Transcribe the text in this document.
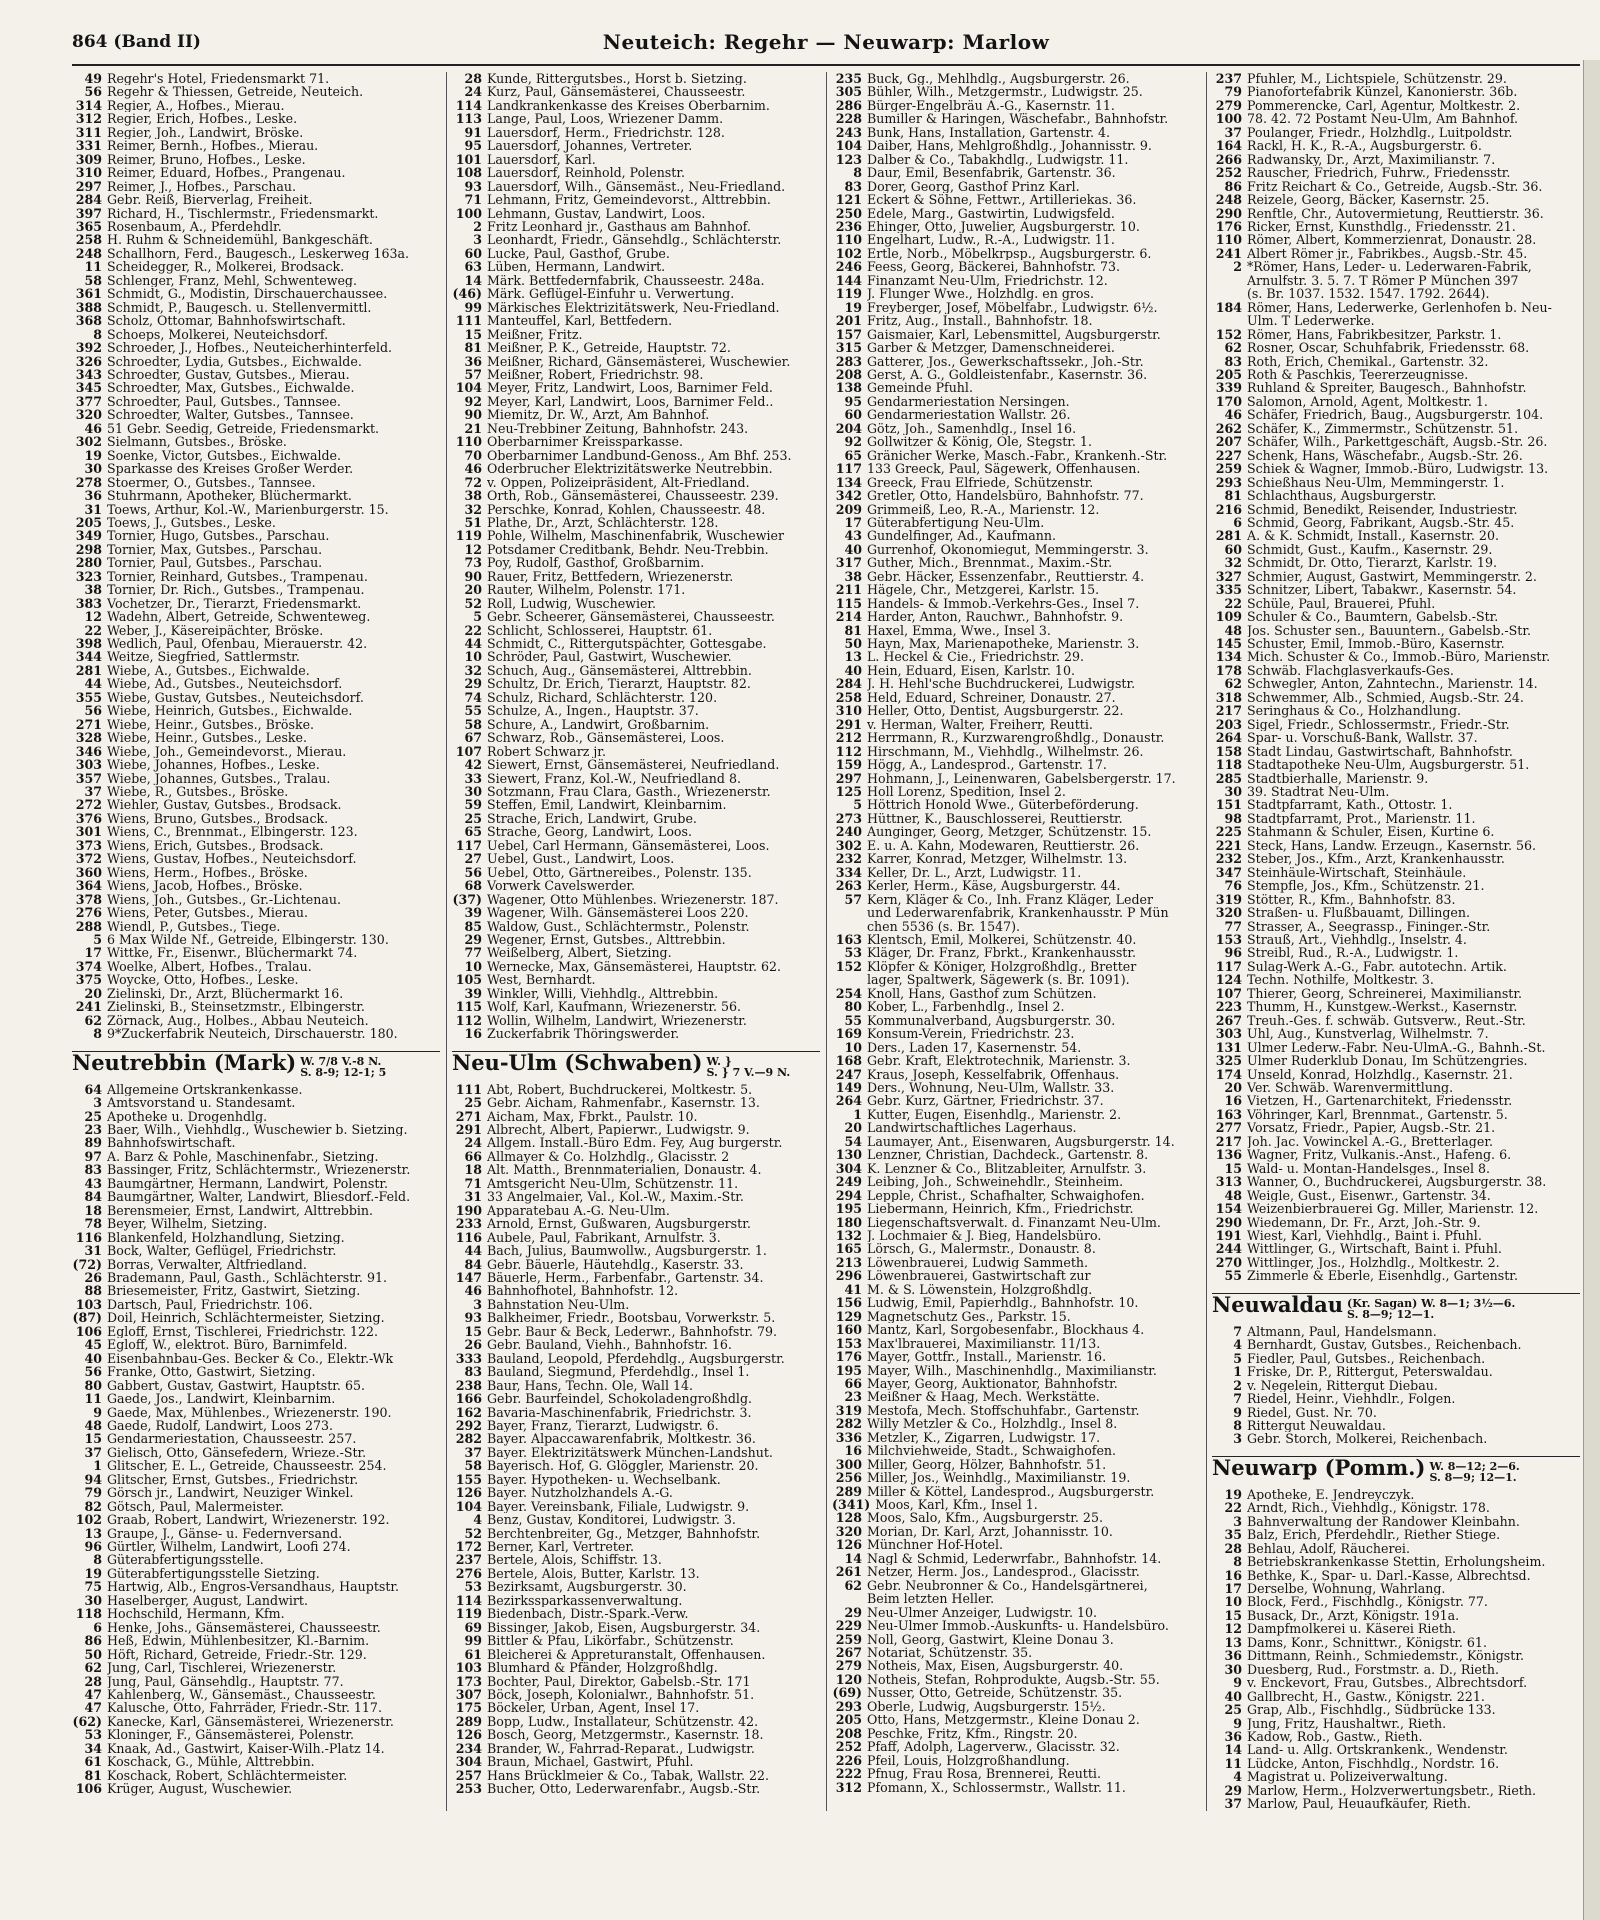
864 (Band II)	Neuteich: Regehr — Neuwarp: Marlow
49 Regehr's Hotel, Friedensmarkt 71.
56 Regehr & Thiessen, Getreide, Neuteich.
314 Regier, A., Hofbes., Mierau.
312 Regier, Erich, Hofbes., Leske.
311 Regier, Joh., Landwirt, Bröske.
331 Reimer, Bernh., Hofbes., Mierau.
309 Reimer, Bruno, Hofbes., Leske.
310 Reimer, Eduard, Hofbes., Prangenau.
297 Reimer, J., Hofbes., Parschau.
284 Gebr. Reiß, Bierverlag, Freiheit.
397 Richard, H., Tischlermstr., Friedensmarkt.
365 Rosenbaum, A., Pferdehdlr.
258 H. Ruhm & Schneidemühl, Bankgeschäft.
248 Schallhorn, Ferd., Baugesch., Leskerweg 163a.
11 Scheidegger, R., Molkerei, Brodsack.
58 Schlenger, Franz, Mehl, Schwenteweg.
361 Schmidt, G., Modistin, Dirschauerchaussee.
388 Schmidt, P., Baugesch. u. Stellenvermittl.
368 Scholz, Ottomar, Bahnhofswirtschaft.
8 Schoeps, Molkerei, Neuteichsdorf.
392 Schroeder, J., Hofbes., Neuteicherhinterfeld.
326 Schroedter, Lydia, Gutsbes., Eichwalde.
343 Schroedter, Gustav, Gutsbes., Mierau.
345 Schroedter, Max, Gutsbes., Eichwalde.
377 Schroedter, Paul, Gutsbes., Tannsee.
320 Schroedter, Walter, Gutsbes., Tannsee.
46 51 Gebr. Seedig, Getreide, Friedensmarkt.
302 Sielmann, Gutsbes., Bröske.
19 Soenke, Victor, Gutsbes., Eichwalde.
30 Sparkasse des Kreises Großer Werder.
278 Stoermer, O., Gutsbes., Tannsee.
36 Stuhrmann, Apotheker, Blüchermarkt.
31 Toews, Arthur, Kol.-W., Marienburgerstr. 15.
205 Toews, J., Gutsbes., Leske.
349 Tornier, Hugo, Gutsbes., Parschau.
298 Tornier, Max, Gutsbes., Parschau.
280 Tornier, Paul, Gutsbes., Parschau.
323 Tornier, Reinhard, Gutsbes., Trampenau.
38 Tornier, Dr. Rich., Gutsbes., Trampenau.
383 Vochetzer, Dr., Tierarzt, Friedensmarkt.
12 Wadehn, Albert, Getreide, Schwenteweg.
22 Weber, J., Käsereipächter, Bröske.
398 Wedlich, Paul, Ofenbau, Mierauerstr. 42.
344 Weitze, Siegfried, Sattlermstr.
281 Wiebe, A., Gutsbes., Eichwalde.
44 Wiebe, Ad., Gutsbes., Neuteichsdorf.
355 Wiebe, Gustav, Gutsbes., Neuteichsdorf.
56 Wiebe, Heinrich, Gutsbes., Eichwalde.
271 Wiebe, Heinr., Gutsbes., Bröske.
328 Wiebe, Heinr., Gutsbes., Leske.
346 Wiebe, Joh., Gemeindevorst., Mierau.
303 Wiebe, Johannes, Hofbes., Leske.
357 Wiebe, Johannes, Gutsbes., Tralau.
37 Wiebe, R., Gutsbes., Bröske.
272 Wiehler, Gustav, Gutsbes., Brodsack.
376 Wiens, Bruno, Gutsbes., Brodsack.
301 Wiens, C., Brennmat., Elbingerstr. 123.
373 Wiens, Erich, Gutsbes., Brodsack.
372 Wiens, Gustav, Hofbes., Neuteichsdorf.
360 Wiens, Herm., Hofbes., Bröske.
364 Wiens, Jacob, Hofbes., Bröske.
378 Wiens, Joh., Gutsbes., Gr.-Lichtenau.
276 Wiens, Peter, Gutsbes., Mierau.
288 Wiendl, P., Gutsbes., Tiege.
5 6 Max Wilde Nf., Getreide, Elbingerstr. 130.
17 Wittke, Fr., Eisenwr., Blüchermarkt 74.
374 Woelke, Albert, Hofbes., Tralau.
375 Woycke, Otto, Hofbes., Leske.
20 Zielinski, Dr., Arzt, Blüchermarkt 16.
241 Zielinski, B., Steinsetzmstr., Elbingerstr.
62 Zörnack, Aug., Holbes., Abbau Neuteich.
8 9*Zuckerfabrik Neuteich, Dirschauerstr. 180.
Neutrebbin (Mark) W. 7/8 V.-8 N.
S. 8-9; 12-1; 5
64 Allgemeine Ortskrankenkasse.
3 Amtsvorstand u. Standesamt.
25 Apotheke u. Drogenhdlg.
23 Baer, Wilh., Viehhdlg., Wuschewier b. Sietzing.
89 Bahnhofswirtschaft.
97 A. Barz & Pohle, Maschinenfabr., Sietzing.
83 Bassinger, Fritz, Schlächtermstr., Wriezenerstr.
43 Baumgärtner, Hermann, Landwirt, Polenstr.
84 Baumgärtner, Walter, Landwirt, Bliesdorf.-Feld.
18 Berensmeier, Ernst, Landwirt, Alttrebbin.
78 Beyer, Wilhelm, Sietzing.
116 Blankenfeld, Holzhandlung, Sietzing.
31 Bock, Walter, Geflügel, Friedrichstr.
(72) Borras, Verwalter, Altfriedland.
26 Brademann, Paul, Gasth., Schlächterstr. 91.
88 Briesemeister, Fritz, Gastwirt, Sietzing.
103 Dartsch, Paul, Friedrichstr. 106.
(87) Doil, Heinrich, Schlächtermeister, Sietzing.
106 Egloff, Ernst, Tischlerei, Friedrichstr. 122.
45 Egloff, W., elektrot. Büro, Barnimfeld.
40 Eisenbahnbau-Ges. Becker & Co., Elektr.-Wk
56 Franke, Otto, Gastwirt, Sietzing.
80 Gabbert, Gustav, Gastwirt, Hauptstr. 65.
11 Gaede, Jos., Landwirt, Kleinbarnim.
9 Gaede, Max, Mühlenbes., Wriezenerstr. 190.
48 Gaede, Rudolf, Landwirt, Loos 273.
15 Gendarmeriestation, Chausseestr. 257.
37 Gielisch, Otto, Gänsefedern, Wrieze.-Str.
1 Glitscher, E. L., Getreide, Chausseestr. 254.
94 Glitscher, Ernst, Gutsbes., Friedrichstr.
79 Görsch jr., Landwirt, Neuziger Winkel.
82 Götsch, Paul, Malermeister.
102 Graab, Robert, Landwirt, Wriezenerstr. 192.
13 Graupe, J., Gänse- u. Federnversand.
96 Gürtler, Wilhelm, Landwirt, Loofi 274.
8 Güterabfertigungsstelle.
19 Güterabfertigungsstelle Sietzing.
75 Hartwig, Alb., Engros-Versandhaus, Hauptstr.
30 Haselberger, August, Landwirt.
118 Hochschild, Hermann, Kfm.
6 Henke, Johs., Gänsemästerei, Chausseestr.
86 Heß, Edwin, Mühlenbesitzer, Kl.-Barnim.
50 Höft, Richard, Getreide, Friedr.-Str. 129.
62 Jung, Carl, Tischlerei, Wriezenerstr.
28 Jung, Paul, Gänsehdlg., Hauptstr. 77.
47 Kahlenberg, W., Gänsemäst., Chausseestr.
47 Kalusche, Otto, Fahrräder, Friedr.-Str. 117.
(62) Kanecke, Karl, Gänsemästerei, Wriezenerstr.
53 Kloninger, F., Gänsemästerei, Polenstr.
34 Knaak, Ad., Gastwirt, Kaiser-Wilh.-Platz 14.
61 Koschack, G., Mühle, Alttrebbin.
81 Koschack, Robert, Schlächtermeister.
106 Krüger, August, Wuschewier.
28 Kunde, Rittergutsbes., Horst b. Sietzing.
24 Kurz, Paul, Gänsemästerei, Chausseestr.
114 Landkrankenkasse des Kreises Oberbarnim.
113 Lange, Paul, Loos, Wriezener Damm.
91 Lauersdorf, Herm., Friedrichstr. 128.
95 Lauersdorf, Johannes, Vertreter.
101 Lauersdorf, Karl.
108 Lauersdorf, Reinhold, Polenstr.
93 Lauersdorf, Wilh., Gänsemäst., Neu-Friedland.
71 Lehmann, Fritz, Gemeindevorst., Alttrebbin.
100 Lehmann, Gustav, Landwirt, Loos.
2 Fritz Leonhard jr., Gasthaus am Bahnhof.
3 Leonhardt, Friedr., Gänsehdlg., Schlächterstr.
60 Lucke, Paul, Gasthof, Grube.
63 Lüben, Hermann, Landwirt.
14 Märk. Bettfedernfabrik, Chausseestr. 248a.
(46) Märk. Geflügel-Einfuhr u. Verwertung.
99 Märkisches Elektrizitätswerk, Neu-Friedland.
111 Manteuffel, Karl, Bettfedern.
15 Meißner, Fritz.
81 Meißner, P. K., Getreide, Hauptstr. 72.
36 Meißner, Richard, Gänsemästerei, Wuschewier.
57 Meißner, Robert, Friedrichstr. 98.
104 Meyer, Fritz, Landwirt, Loos, Barnimer Feld.
92 Meyer, Karl, Landwirt, Loos, Barnimer Feld..
90 Miemitz, Dr. W., Arzt, Am Bahnhof.
21 Neu-Trebbiner Zeitung, Bahnhofstr. 243.
110 Oberbarnimer Kreissparkasse.
70 Oberbarnimer Landbund-Genoss., Am Bhf. 253.
46 Oderbrucher Elektrizitätswerke Neutrebbin.
72 v. Oppen, Polizeipräsident, Alt-Friedland.
38 Orth, Rob., Gänsemästerei, Chausseestr. 239.
32 Perschke, Konrad, Kohlen, Chausseestr. 48.
51 Plathe, Dr., Arzt, Schlächterstr. 128.
119 Pohle, Wilhelm, Maschinenfabrik, Wuschewier
12 Potsdamer Creditbank, Behdr. Neu-Trebbin.
73 Poy, Rudolf, Gasthof, Großbarnim.
90 Rauer, Fritz, Bettfedern, Wriezenerstr.
20 Rauter, Wilhelm, Polenstr. 171.
52 Roll, Ludwig, Wuschewier.
5 Gebr. Scheerer, Gänsemästerei, Chausseestr.
22 Schlicht, Schlosserei, Hauptstr. 61.
44 Schmidt, C., Rittergutspächter, Gottesgabe.
10 Schröder, Paul, Gastwirt, Wuschewier.
32 Schuch, Aug., Gänsemästerei, Alttrebbin.
29 Schultz, Dr. Erich, Tierarzt, Hauptstr. 82.
74 Schulz, Richard, Schlächterstr. 120.
55 Schulze, A., Ingen., Hauptstr. 37.
58 Schure, A., Landwirt, Großbarnim.
67 Schwarz, Rob., Gänsemästerei, Loos.
107 Robert Schwarz jr.
42 Siewert, Ernst, Gänsemästerei, Neufriedland.
33 Siewert, Franz, Kol.-W., Neufriedland 8.
30 Sotzmann, Frau Clara, Gasth., Wriezenerstr.
59 Steffen, Emil, Landwirt, Kleinbarnim.
25 Strache, Erich, Landwirt, Grube.
65 Strache, Georg, Landwirt, Loos.
117 Uebel, Carl Hermann, Gänsemästerei, Loos.
27 Uebel, Gust., Landwirt, Loos.
56 Uebel, Otto, Gärtnereibes., Polenstr. 135.
68 Vorwerk Cavelswerder.
(37) Wagener, Otto Mühlenbes. Wriezenerstr. 187.
39 Wagener, Wilh. Gänsemästerei Loos 220.
85 Waldow, Gust., Schlächtermstr., Polenstr.
29 Wegener, Ernst, Gutsbes., Alttrebbin.
77 Weißelberg, Albert, Sietzing.
10 Wernecke, Max, Gänsemästerei, Hauptstr. 62.
105 West, Bernhardt.
39 Winkler, Willi, Viehhdlg., Alttrebbin.
115 Wolf, Karl, Kaufmann, Wriezenerstr. 56.
112 Wollin, Wilhelm, Landwirt, Wriezenerstr.
16 Zuckerfabrik Thöringswerder.
Neu-Ulm (Schwaben) W. }
S. } 7 V.—9 N.
111 Abt, Robert, Buchdruckerei, Moltkestr. 5.
25 Gebr. Aicham, Rahmenfabr., Kasernstr. 13.
271 Aicham, Max, Fbrkt., Paulstr. 10.
291 Albrecht, Albert, Papierwr., Ludwigstr. 9.
24 Allgem. Install.-Büro Edm. Fey, Aug burgerstr.
66 Allmayer & Co. Holzhdlg., Glacisstr. 2
18 Alt. Matth., Brennmaterialien, Donaustr. 4.
71 Amtsgericht Neu-Ulm, Schützenstr. 11.
31 33 Angelmaier, Val., Kol.-W., Maxim.-Str.
190 Apparatebau A.-G. Neu-Ulm.
233 Arnold, Ernst, Gußwaren, Augsburgerstr.
116 Aubele, Paul, Fabrikant, Arnulfstr. 3.
44 Bach, Julius, Baumwollw., Augsburgerstr. 1.
84 Gebr. Bäuerle, Häutehdlg., Kaserstr. 33.
147 Bäuerle, Herm., Farbenfabr., Gartenstr. 34.
46 Bahnhofhotel, Bahnhofstr. 12.
3 Bahnstation Neu-Ulm.
93 Balkheimer, Friedr., Bootsbau, Vorwerkstr. 5.
15 Gebr. Baur & Beck, Lederwr., Bahnhofstr. 79.
26 Gebr. Bauland, Viehh., Bahnhofstr. 16.
333 Bauland, Leopold, Pferdehdlg., Augsburgerstr.
83 Bauland, Siegmund, Pferdehdlg., Insel 1.
238 Baur, Hans, Techn. Öle, Wall 14.
166 Gebr. Baurfeindel, Schokoladengroßhdlg.
162 Bavaria-Maschinenfabrik, Friedrichstr. 3.
292 Bayer, Franz, Tierarzt, Ludwigstr. 6.
282 Bayer. Alpaccawarenfabrik, Moltkestr. 36.
37 Bayer. Elektrizitätswerk München-Landshut.
58 Bayerisch. Hof, G. Glöggler, Marienstr. 20.
155 Bayer. Hypotheken- u. Wechselbank.
126 Bayer. Nutzholzhandels A.-G.
104 Bayer. Vereinsbank, Filiale, Ludwigstr. 9.
4 Benz, Gustav, Konditorei, Ludwigstr. 3.
52 Berchtenbreiter, Gg., Metzger, Bahnhofstr.
172 Berner, Karl, Vertreter.
237 Bertele, Alois, Schiffstr. 13.
276 Bertele, Alois, Butter, Karlstr. 13.
53 Bezirksamt, Augsburgerstr. 30.
114 Bezirkssparkassenverwaltung.
119 Biedenbach, Distr.-Spark.-Verw.
69 Bissinger, Jakob, Eisen, Augsburgerstr. 34.
99 Bittler & Pfau, Likörfabr., Schützenstr.
61 Bleicherei & Appreturanstalt, Offenhausen.
103 Blumhard & Pfänder, Holzgroßhdlg.
173 Bochter, Paul, Direktor, Gabelsb.-Str. 171
307 Böck, Joseph, Kolonialwr., Bahnhofstr. 51.
175 Böckeler, Urban, Agent, Insel 17.
289 Bopp, Ludw., Installateur, Schützenstr. 42.
126 Bosch, Georg, Metzgermstr., Kasernstr. 18.
234 Brander, W., Fahrrad-Reparat., Ludwigstr.
304 Braun, Michael, Gastwirt, Pfuhl.
257 Hans Brücklmeier & Co., Tabak, Wallstr. 22.
253 Bucher, Otto, Lederwarenfabr., Augsb.-Str.
235 Buck, Gg., Mehlhdlg., Augsburgerstr. 26.
305 Bühler, Wilh., Metzgermstr., Ludwigstr. 25.
286 Bürger-Engelbräu A.-G., Kasernstr. 11.
228 Bumiller & Haringen, Wäschefabr., Bahnhofstr.
243 Bunk, Hans, Installation, Gartenstr. 4.
104 Daiber, Hans, Mehlgroßhdlg., Johannisstr. 9.
123 Dalber & Co., Tabakhdlg., Ludwigstr. 11.
8 Daur, Emil, Besenfabrik, Gartenstr. 36.
83 Dorer, Georg, Gasthof Prinz Karl.
121 Eckert & Söhne, Fettwr., Artilleriekas. 36.
250 Edele, Marg., Gastwirtin, Ludwigsfeld.
236 Ehinger, Otto, Juwelier, Augsburgerstr. 10.
110 Engelhart, Ludw., R.-A., Ludwigstr. 11.
102 Ertle, Norb., Möbelkrpsp., Augsburgerstr. 6.
246 Feess, Georg, Bäckerei, Bahnhofstr. 73.
144 Finanzamt Neu-Ulm, Friedrichstr. 12.
119 J. Flunger Wwe., Holzhdlg. en gros.
19 Freyberger, Josef, Möbelfabr., Ludwigstr. 6½.
201 Fritz, Aug., Install., Bahnhofstr. 18.
157 Gaismaier, Karl, Lebensmittel, Augsburgerstr.
315 Garber & Metzger, Damenschneiderei.
283 Gatterer, Jos., Gewerkschaftssekr., Joh.-Str.
208 Gerst, A. G., Goldleistenfabr., Kasernstr. 36.
138 Gemeinde Pfuhl.
95 Gendarmeriestation Nersingen.
60 Gendarmeriestation Wallstr. 26.
204 Götz, Joh., Samenhdlg., Insel 16.
92 Gollwitzer & König, Öle, Stegstr. 1.
65 Gränicher Werke, Masch.-Fabr., Krankenh.-Str.
117 133 Greeck, Paul, Sägewerk, Offenhausen.
134 Greeck, Frau Elfriede, Schützenstr.
342 Gretler, Otto, Handelsbüro, Bahnhofstr. 77.
209 Grimmeiß, Leo, R.-A., Marienstr. 12.
17 Güterabfertigung Neu-Ulm.
43 Gundelfinger, Ad., Kaufmann.
40 Gurrenhof, Ökonomiegut, Memmingerstr. 3.
317 Guther, Mich., Brennmat., Maxim.-Str.
38 Gebr. Häcker, Essenzenfabr., Reuttierstr. 4.
211 Hägele, Chr., Metzgerei, Karlstr. 15.
115 Handels- & Immob.-Verkehrs-Ges., Insel 7.
214 Harder, Anton, Rauchwr., Bahnhofstr. 9.
81 Haxel, Emma, Wwe., Insel 3.
50 Hayn, Max, Marienapotheke, Marienstr. 3.
13 L. Heckel & Cie., Friedrichstr. 29.
40 Hein, Eduard, Eisen, Karlstr. 10.
284 J. H. Hehl'sche Buchdruckerei, Ludwigstr.
258 Held, Eduard, Schreiner, Donaustr. 27.
310 Heller, Otto, Dentist, Augsburgerstr. 22.
291 v. Herman, Walter, Freiherr, Reutti.
212 Herrmann, R., Kurzwarengroßhdlg., Donaustr.
112 Hirschmann, M., Viehhdlg., Wilhelmstr. 26.
159 Högg, A., Landesprod., Gartenstr. 17.
297 Hohmann, J., Leinenwaren, Gabelsbergerstr. 17.
125 Holl Lorenz, Spedition, Insel 2.
5 Höttrich Honold Wwe., Güterbeförderung.
273 Hüttner, K., Bauschlosserei, Reuttierstr.
240 Aunginger, Georg, Metzger, Schützenstr. 15.
302 E. u. A. Kahn, Modewaren, Reuttierstr. 26.
232 Karrer, Konrad, Metzger, Wilhelmstr. 13.
334 Keller, Dr. L., Arzt, Ludwigstr. 11.
263 Kerler, Herm., Käse, Augsburgerstr. 44.
57 Kern, Kläger & Co., Inh. Franz Kläger, Leder
und Lederwarenfabrik, Krankenhausstr. P Mün
chen 5536 (s. Br. 1547).
163 Klentsch, Emil, Molkerei, Schützenstr. 40.
53 Kläger, Dr. Franz, Fbrkt., Krankenhausstr.
152 Klöpfer & Königer, Holzgroßhdlg., Bretter
lager, Spaltwerk, Sägewerk (s. Br. 1091).
254 Knoll, Hans, Gasthof zum Schützen.
80 Kober, L., Farbenhdlg., Insel 2.
55 Kommunalverband, Augsburgerstr. 30.
169 Konsum-Verein, Friedrichstr. 23.
10 Ders., Laden 17, Kasernenstr. 54.
168 Gebr. Kraft, Elektrotechnik, Marienstr. 3.
247 Kraus, Joseph, Kesselfabrik, Offenhaus.
149 Ders., Wohnung, Neu-Ulm, Wallstr. 33.
264 Gebr. Kurz, Gärtner, Friedrichstr. 37.
1 Kutter, Eugen, Eisenhdlg., Marienstr. 2.
20 Landwirtschaftliches Lagerhaus.
54 Laumayer, Ant., Eisenwaren, Augsburgerstr. 14.
130 Lenzner, Christian, Dachdeck., Gartenstr. 8.
304 K. Lenzner & Co., Blitzableiter, Arnulfstr. 3.
249 Leibing, Joh., Schweinehdlr., Steinheim.
294 Lepple, Christ., Schafhalter, Schwaighofen.
195 Liebermann, Heinrich, Kfm., Friedrichstr.
180 Liegenschaftsverwalt. d. Finanzamt Neu-Ulm.
132 J. Lochmaier & J. Bieg, Handelsbüro.
165 Lörsch, G., Malermstr., Donaustr. 8.
213 Löwenbrauerei, Ludwig Sammeth.
296 Löwenbrauerei, Gastwirtschaft zur
41 M. & S. Löwenstein, Holzgroßhdlg.
156 Ludwig, Emil, Papierhdlg., Bahnhofstr. 10.
129 Magnetschutz Ges., Parkstr. 15.
160 Mantz, Karl, Sorgobesenfabr., Blockhaus 4.
153 Max'lbrauerei, Maximilianstr. 11/13.
176 Mayer, Gottfr., Install., Marienstr. 16.
195 Mayer, Wilh., Maschinenhdlg., Maximilianstr.
66 Mayer, Georg, Auktionator, Bahnhofstr.
23 Meißner & Haag, Mech. Werkstätte.
319 Mestofa, Mech. Stoffschuhfabr., Gartenstr.
282 Willy Metzler & Co., Holzhdlg., Insel 8.
336 Metzler, K., Zigarren, Ludwigstr. 17.
16 Milchviehweide, Stadt., Schwaighofen.
300 Miller, Georg, Hölzer, Bahnhofstr. 51.
256 Miller, Jos., Weinhdlg., Maximilianstr. 19.
289 Miller & Köttel, Landesprod., Augsburgerstr.
(341) Moos, Karl, Kfm., Insel 1.
128 Moos, Salo, Kfm., Augsburgerstr. 25.
320 Morian, Dr. Karl, Arzt, Johannisstr. 10.
126 Münchner Hof-Hotel.
14 Nagl & Schmid, Lederwrfabr., Bahnhofstr. 14.
261 Netzer, Herm. Jos., Landesprod., Glacisstr.
62 Gebr. Neubronner & Co., Handelsgärtnerei,
Beim letzten Heller.
29 Neu-Ulmer Anzeiger, Ludwigstr. 10.
229 Neu-Ulmer Immob.-Auskunfts- u. Handelsbüro.
259 Noll, Georg, Gastwirt, Kleine Donau 3.
267 Notariat, Schützenstr. 35.
279 Notheis, Max, Eisen, Augsburgerstr. 40.
120 Notheis, Stefan, Rohprodukte, Augsb.-Str. 55.
(69) Nusser, Otto, Getreide, Schützenstr. 35.
293 Oberle, Ludwig, Augsburgerstr. 15½.
205 Otto, Hans, Metzgermstr., Kleine Donau 2.
208 Peschke, Fritz, Kfm., Ringstr. 20.
252 Pfaff, Adolph, Lagerverw., Glacisstr. 32.
226 Pfeil, Louis, Holzgroßhandlung.
222 Pfnug, Frau Rosa, Brennerei, Reutti.
312 Pfomann, X., Schlossermstr., Wallstr. 11.
237 Pfuhler, M., Lichtspiele, Schützenstr. 29.
79 Pianofortefabrik Künzel, Kanonierstr. 36b.
279 Pommerencke, Carl, Agentur, Moltkestr. 2.
100 78. 42. 72 Postamt Neu-Ulm, Am Bahnhof.
37 Poulanger, Friedr., Holzhdlg., Luitpoldstr.
164 Rackl, H. K., R.-A., Augsburgerstr. 6.
266 Radwansky, Dr., Arzt, Maximilianstr. 7.
252 Rauscher, Friedrich, Fuhrw., Friedensstr.
86 Fritz Reichart & Co., Getreide, Augsb.-Str. 36.
248 Reizele, Georg, Bäcker, Kasernstr. 25.
290 Renftle, Chr., Autovermietung, Reuttierstr. 36.
176 Ricker, Ernst, Kunsthdlg., Friedensstr. 21.
110 Römer, Albert, Kommerzienrat, Donaustr. 28.
241 Albert Römer jr., Fabrikbes., Augsb.-Str. 45.
2 *Römer, Hans, Leder- u. Lederwaren-Fabrik,
Arnulfstr. 3. 5. 7. T Römer P München 397
(s. Br. 1037. 1532. 1547. 1792. 2644).
184 Römer, Hans, Lederwerke, Gerlenhofen b. Neu-
Ulm. T Lederwerke.
152 Römer, Hans, Fabrikbesitzer, Parkstr. 1.
62 Rosner, Oscar, Schuhfabrik, Friedensstr. 68.
83 Roth, Erich, Chemikal., Gartenstr. 32.
205 Roth & Paschkis, Teererzeugnisse.
339 Ruhland & Spreiter, Baugesch., Bahnhofstr.
170 Salomon, Arnold, Agent, Moltkestr. 1.
46 Schäfer, Friedrich, Baug., Augsburgerstr. 104.
262 Schäfer, K., Zimmermstr., Schützenstr. 51.
207 Schäfer, Wilh., Parkettgeschäft, Augsb.-Str. 26.
227 Schenk, Hans, Wäschefabr., Augsb.-Str. 26.
259 Schiek & Wagner, Immob.-Büro, Ludwigstr. 13.
293 Schießhaus Neu-Ulm, Memmingerstr. 1.
81 Schlachthaus, Augsburgerstr.
216 Schmid, Benedikt, Reisender, Industriestr.
6 Schmid, Georg, Fabrikant, Augsb.-Str. 45.
281 A. & K. Schmidt, Install., Kasernstr. 20.
60 Schmidt, Gust., Kaufm., Kasernstr. 29.
32 Schmidt, Dr. Otto, Tierarzt, Karlstr. 19.
327 Schmier, August, Gastwirt, Memmingerstr. 2.
335 Schnitzer, Libert, Tabakwr., Kasernstr. 54.
22 Schüle, Paul, Brauerei, Pfuhl.
109 Schuler & Co., Baumtern, Gabelsb.-Str.
48 Jos. Schuster sen., Bauuntern., Gabelsb.-Str.
145 Schuster, Emil, Immob.-Büro, Kasernstr.
134 Mich. Schuster & Co., Immob.-Büro, Marienstr.
178 Schwäb. Flachglasverkaufs-Ges.
62 Schwegler, Anton, Zahntechn., Marienstr. 14.
318 Schwemmer, Alb., Schmied, Augsb.-Str. 24.
217 Seringhaus & Co., Holzhandlung.
203 Sigel, Friedr., Schlossermstr., Friedr.-Str.
264 Spar- u. Vorschuß-Bank, Wallstr. 37.
158 Stadt Lindau, Gastwirtschaft, Bahnhofstr.
118 Stadtapotheke Neu-Ulm, Augsburgerstr. 51.
285 Stadtbierhalle, Marienstr. 9.
30 39. Stadtrat Neu-Ulm.
151 Stadtpfarramt, Kath., Ottostr. 1.
98 Stadtpfarramt, Prot., Marienstr. 11.
225 Stahmann & Schuler, Eisen, Kurtine 6.
221 Steck, Hans, Landw. Erzeugn., Kasernstr. 56.
232 Steber, Jos., Kfm., Arzt, Krankenhausstr.
347 Steinhäule-Wirtschaft, Steinhäule.
76 Stempfle, Jos., Kfm., Schützenstr. 21.
319 Stötter, R., Kfm., Bahnhofstr. 83.
320 Straßen- u. Flußbauamt, Dillingen.
77 Strasser, A., Seegrassp., Fininger.-Str.
153 Strauß, Art., Viehhdlg., Inselstr. 4.
96 Streibl, Rud., R.-A., Ludwigstr. 1.
117 Sulag-Werk A.-G., Fabr. autotechn. Artik.
124 Techn. Nothilfe, Moltkestr. 3.
107 Thierer, Georg, Schreinerei, Maximilianstr.
223 Thumm, H., Kunstgew.-Werkst., Kasernstr.
267 Treuh.-Ges. f. schwäb. Gutsverw., Reut.-Str.
303 Uhl, Aug., Kunstverlag, Wilhelmstr. 7.
131 Ulmer Lederw.-Fabr. Neu-UlmA.-G., Bahnh.-St.
325 Ulmer Ruderklub Donau, Im Schützengries.
174 Unseld, Konrad, Holzhdlg., Kasernstr. 21.
20 Ver. Schwäb. Warenvermittlung.
16 Vietzen, H., Gartenarchitekt, Friedensstr.
163 Vöhringer, Karl, Brennmat., Gartenstr. 5.
277 Vorsatz, Friedr., Papier, Augsb.-Str. 21.
217 Joh. Jac. Vowinckel A.-G., Bretterlager.
136 Wagner, Fritz, Vulkanis.-Anst., Hafeng. 6.
15 Wald- u. Montan-Handelsges., Insel 8.
313 Wanner, O., Buchdruckerei, Augsburgerstr. 38.
48 Weigle, Gust., Eisenwr., Gartenstr. 34.
154 Weizenbierbrauerei Gg. Miller, Marienstr. 12.
290 Wiedemann, Dr. Fr., Arzt, Joh.-Str. 9.
191 Wiest, Karl, Viehhdlg., Baint i. Pfuhl.
244 Wittlinger, G., Wirtschaft, Baint i. Pfuhl.
270 Wittlinger, Jos., Holzhdlg., Moltkestr. 2.
55 Zimmerle & Eberle, Eisenhdlg., Gartenstr.
Neuwaldau (Kr. Sagan) W. 8—1; 3½—6.
S. 8—9; 12—1.
7 Altmann, Paul, Handelsmann.
4 Bernhardt, Gustav, Gutsbes., Reichenbach.
5 Fiedler, Paul, Gutsbes., Reichenbach.
1 Friske, Dr. P., Rittergut, Peterswaldau.
2 v. Negelein, Rittergut Diebau.
7 Riedel, Heinr., Viehhdlr., Folgen.
9 Riedel, Gust. Nr. 70.
8 Rittergut Neuwaldau.
3 Gebr. Storch, Molkerei, Reichenbach.
Neuwarp (Pomm.) W. 8—12; 2—6.
S. 8—9; 12—1.
19 Apotheke, E. Jendreyczyk.
22 Arndt, Rich., Viehhdlg., Königstr. 178.
3 Bahnverwaltung der Randower Kleinbahn.
35 Balz, Erich, Pferdehdlr., Riether Stiege.
28 Behlau, Adolf, Räucherei.
8 Betriebskrankenkasse Stettin, Erholungsheim.
16 Bethke, K., Spar- u. Darl.-Kasse, Albrechtsd.
17 Derselbe, Wohnung, Wahrlang.
10 Block, Ferd., Fischhdlg., Königstr. 77.
15 Busack, Dr., Arzt, Königstr. 191a.
12 Dampfmolkerei u. Käserei Rieth.
13 Dams, Konr., Schnittwr., Königstr. 61.
36 Dittmann, Reinh., Schmiedemstr., Königstr.
30 Duesberg, Rud., Forstmstr. a. D., Rieth.
9 v. Enckevort, Frau, Gutsbes., Albrechtsdorf.
40 Gallbrecht, H., Gastw., Königstr. 221.
25 Grap, Alb., Fischhdlg., Südbrücke 133.
9 Jung, Fritz, Haushaltwr., Rieth.
36 Kadow, Rob., Gastw., Rieth.
14 Land- u. Allg. Ortskrankenk., Wendenstr.
11 Lüdcke, Anton, Fischhdlg., Nordstr. 16.
4 Magistrat u. Polizeiverwaltung.
29 Marlow, Herm., Holzverwertungsbetr., Rieth.
37 Marlow, Paul, Heuaufkäufer, Rieth.
